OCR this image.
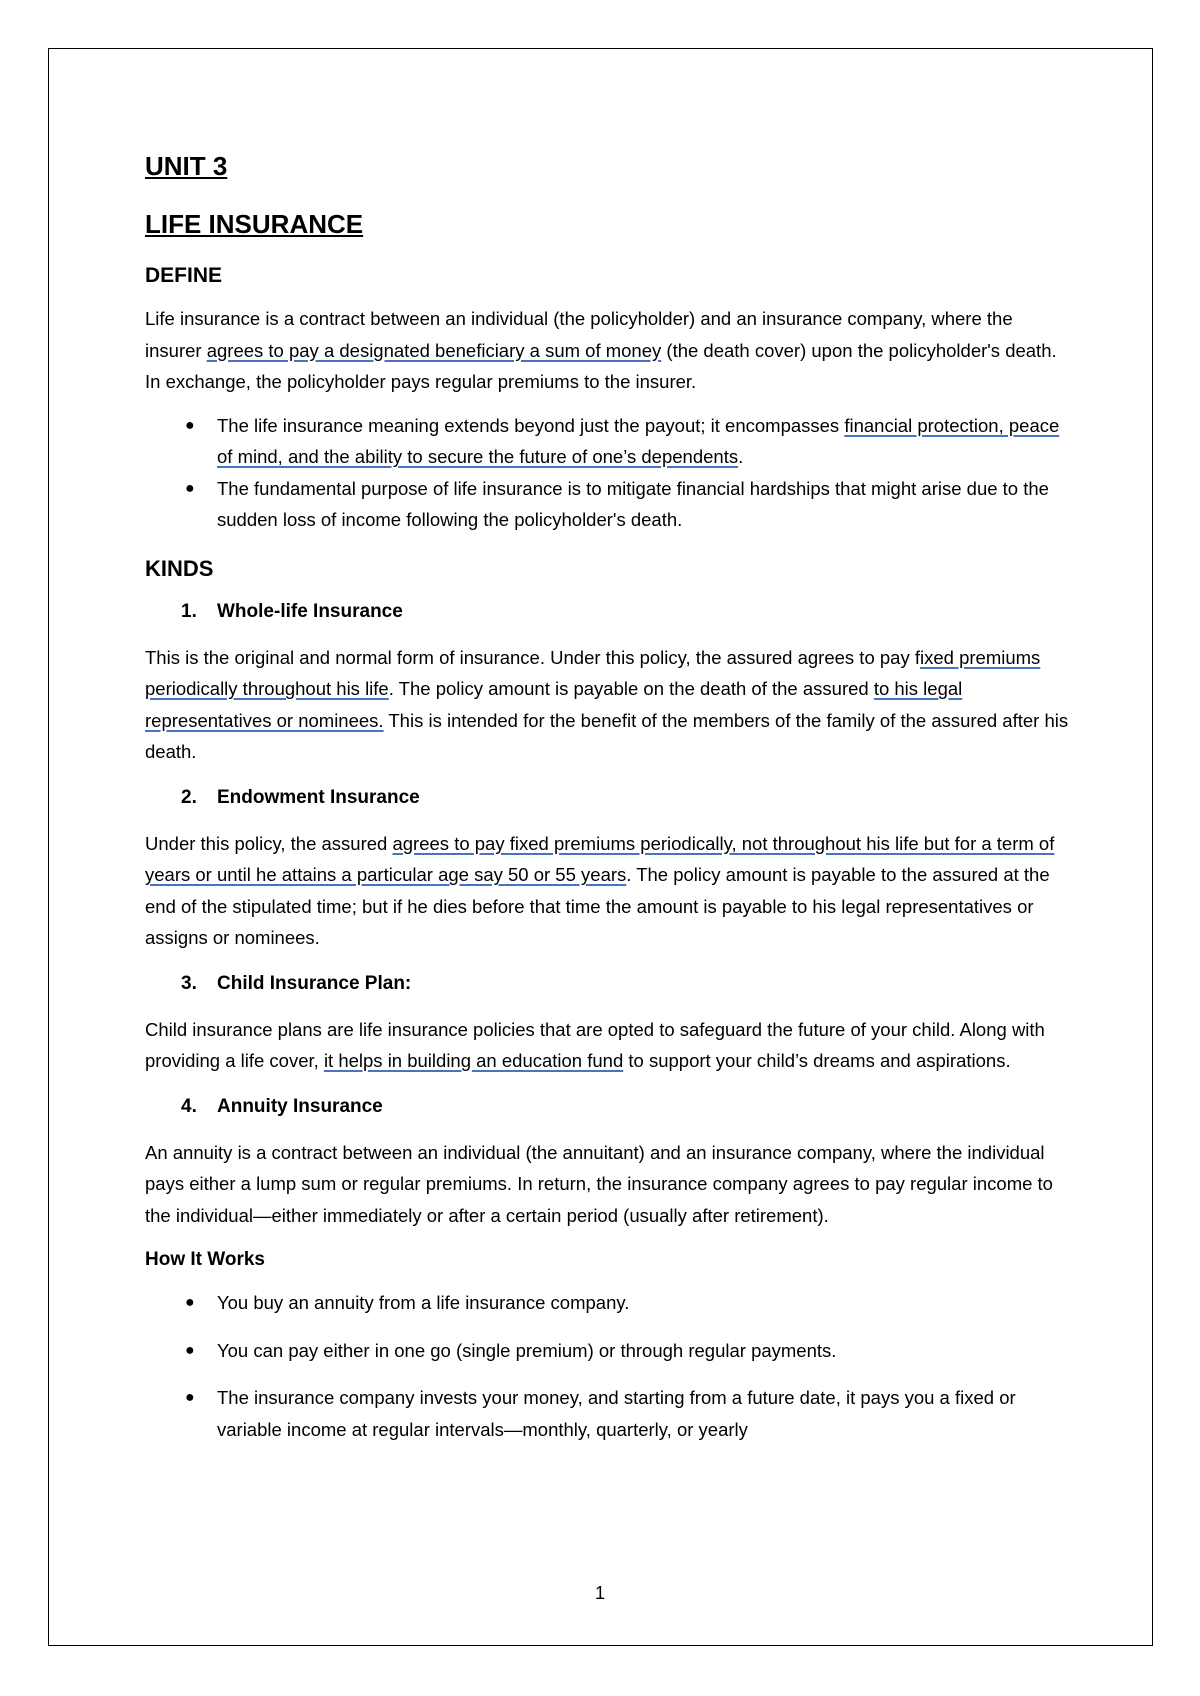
UNIT 3
LIFE INSURANCE
DEFINE

Life insurance is a contract between an individual (the policyholder) and an insurance company, where the insurer agrees to pay a designated beneficiary a sum of money (the death cover) upon the policyholder's death. In exchange, the policyholder pays regular premiums to the insurer.

● The life insurance meaning extends beyond just the payout; it encompasses financial protection, peace of mind, and the ability to secure the future of one’s dependents.
● The fundamental purpose of life insurance is to mitigate financial hardships that might arise due to the sudden loss of income following the policyholder's death.
KINDS
1. Whole-life Insurance

This is the original and normal form of insurance. Under this policy, the assured agrees to pay fixed premiums periodically throughout his life. The policy amount is payable on the death of the assured to his legal representatives or nominees. This is intended for the benefit of the members of the family of the assured after his death.

2. Endowment Insurance

Under this policy, the assured agrees to pay fixed premiums periodically, not throughout his life but for a term of years or until he attains a particular age say 50 or 55 years. The policy amount is payable to the assured at the end of the stipulated time; but if he dies before that time the amount is payable to his legal representatives or assigns or nominees.

3. Child Insurance Plan:

Child insurance plans are life insurance policies that are opted to safeguard the future of your child. Along with providing a life cover, it helps in building an education fund to support your child’s dreams and aspirations.

4. Annuity Insurance

An annuity is a contract between an individual (the annuitant) and an insurance company, where the individual pays either a lump sum or regular premiums. In return, the insurance company agrees to pay regular income to the individual—either immediately or after a certain period (usually after retirement).

How It Works
● You buy an annuity from a life insurance company.
● You can pay either in one go (single premium) or through regular payments.
● The insurance company invests your money, and starting from a future date, it pays you a fixed or variable income at regular intervals—monthly, quarterly, or yearly
1
